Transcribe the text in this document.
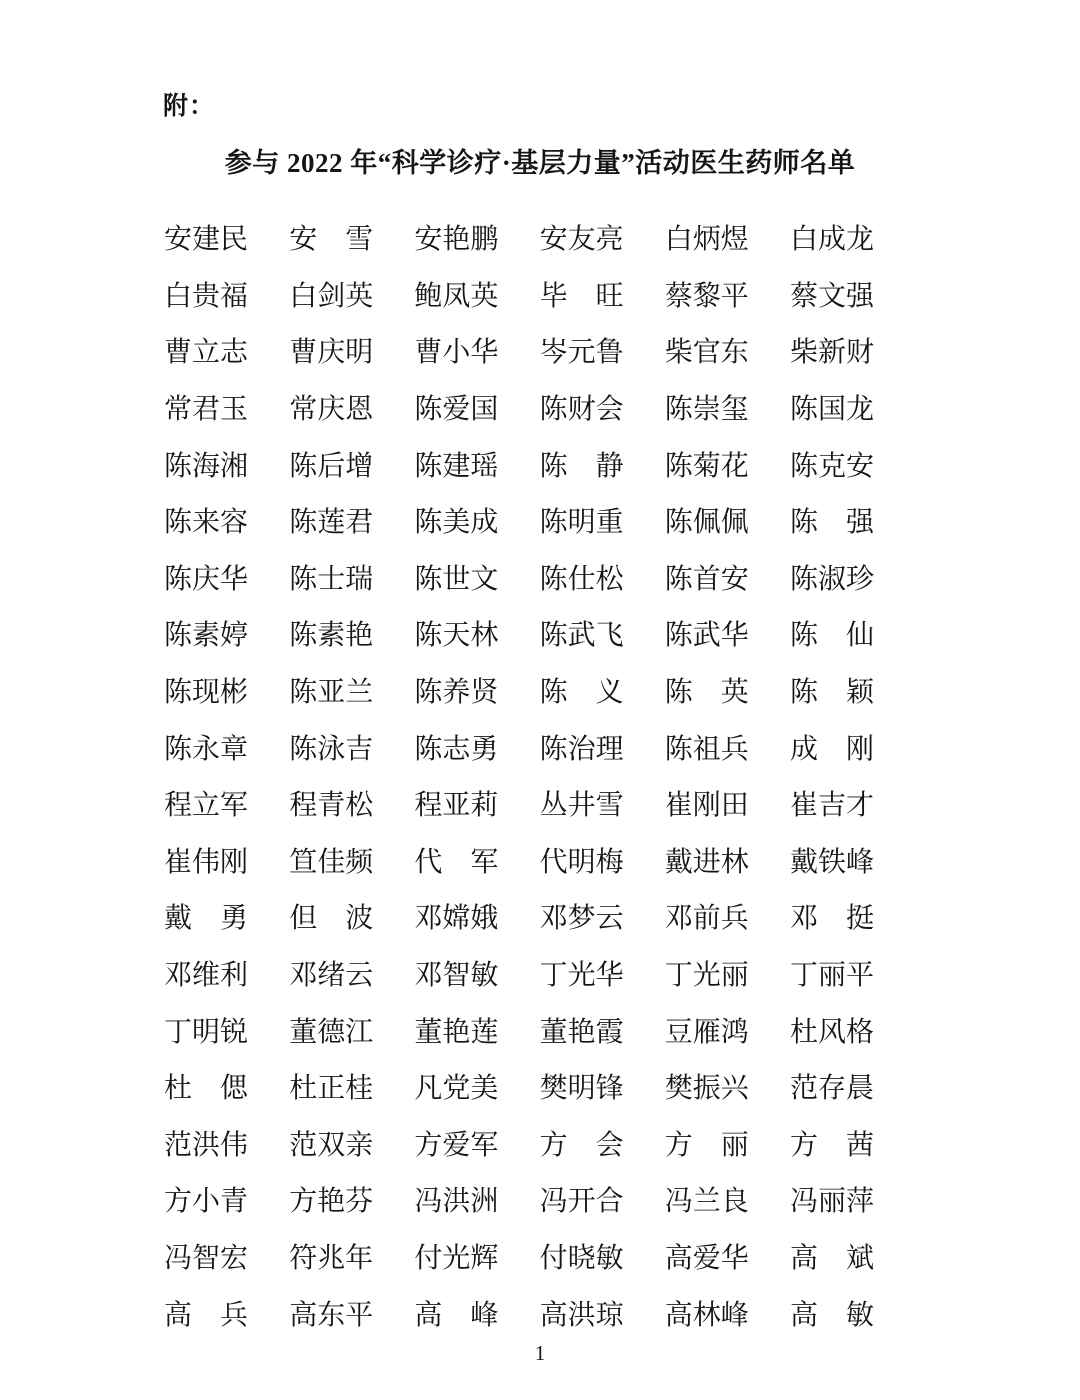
附：
参与 2022 年“科学诊疗·基层力量”活动医生药师名单
安建民 安　雪 安艳鹏 安友亮 白炳煜 白成龙
白贵福 白剑英 鲍凤英 毕　旺 蔡黎平 蔡文强
曹立志 曹庆明 曹小华 岑元鲁 柴官东 柴新财
常君玉 常庆恩 陈爱国 陈财会 陈崇玺 陈国龙
陈海湘 陈后增 陈建瑶 陈　静 陈菊花 陈克安
陈来容 陈莲君 陈美成 陈明重 陈佩佩 陈　强
陈庆华 陈士瑞 陈世文 陈仕松 陈首安 陈淑珍
陈素婷 陈素艳 陈天林 陈武飞 陈武华 陈　仙
陈现彬 陈亚兰 陈养贤 陈　义 陈　英 陈　颖
陈永章 陈泳吉 陈志勇 陈治理 陈祖兵 成　刚
程立军 程青松 程亚莉 丛井雪 崔刚田 崔吉才
崔伟刚 笪佳频 代　军 代明梅 戴进林 戴铁峰
戴　勇 但　波 邓嫦娥 邓梦云 邓前兵 邓　挺
邓维利 邓绪云 邓智敏 丁光华 丁光丽 丁丽平
丁明锐 董德江 董艳莲 董艳霞 豆雁鸿 杜风格
杜　偲 杜正桂 凡党美 樊明锋 樊振兴 范存晨
范洪伟 范双亲 方爱军 方　会 方　丽 方　茜
方小青 方艳芬 冯洪洲 冯开合 冯兰良 冯丽萍
冯智宏 符兆年 付光辉 付晓敏 高爱华 高　斌
高　兵 高东平 高　峰 高洪琼 高林峰 高　敏
1
